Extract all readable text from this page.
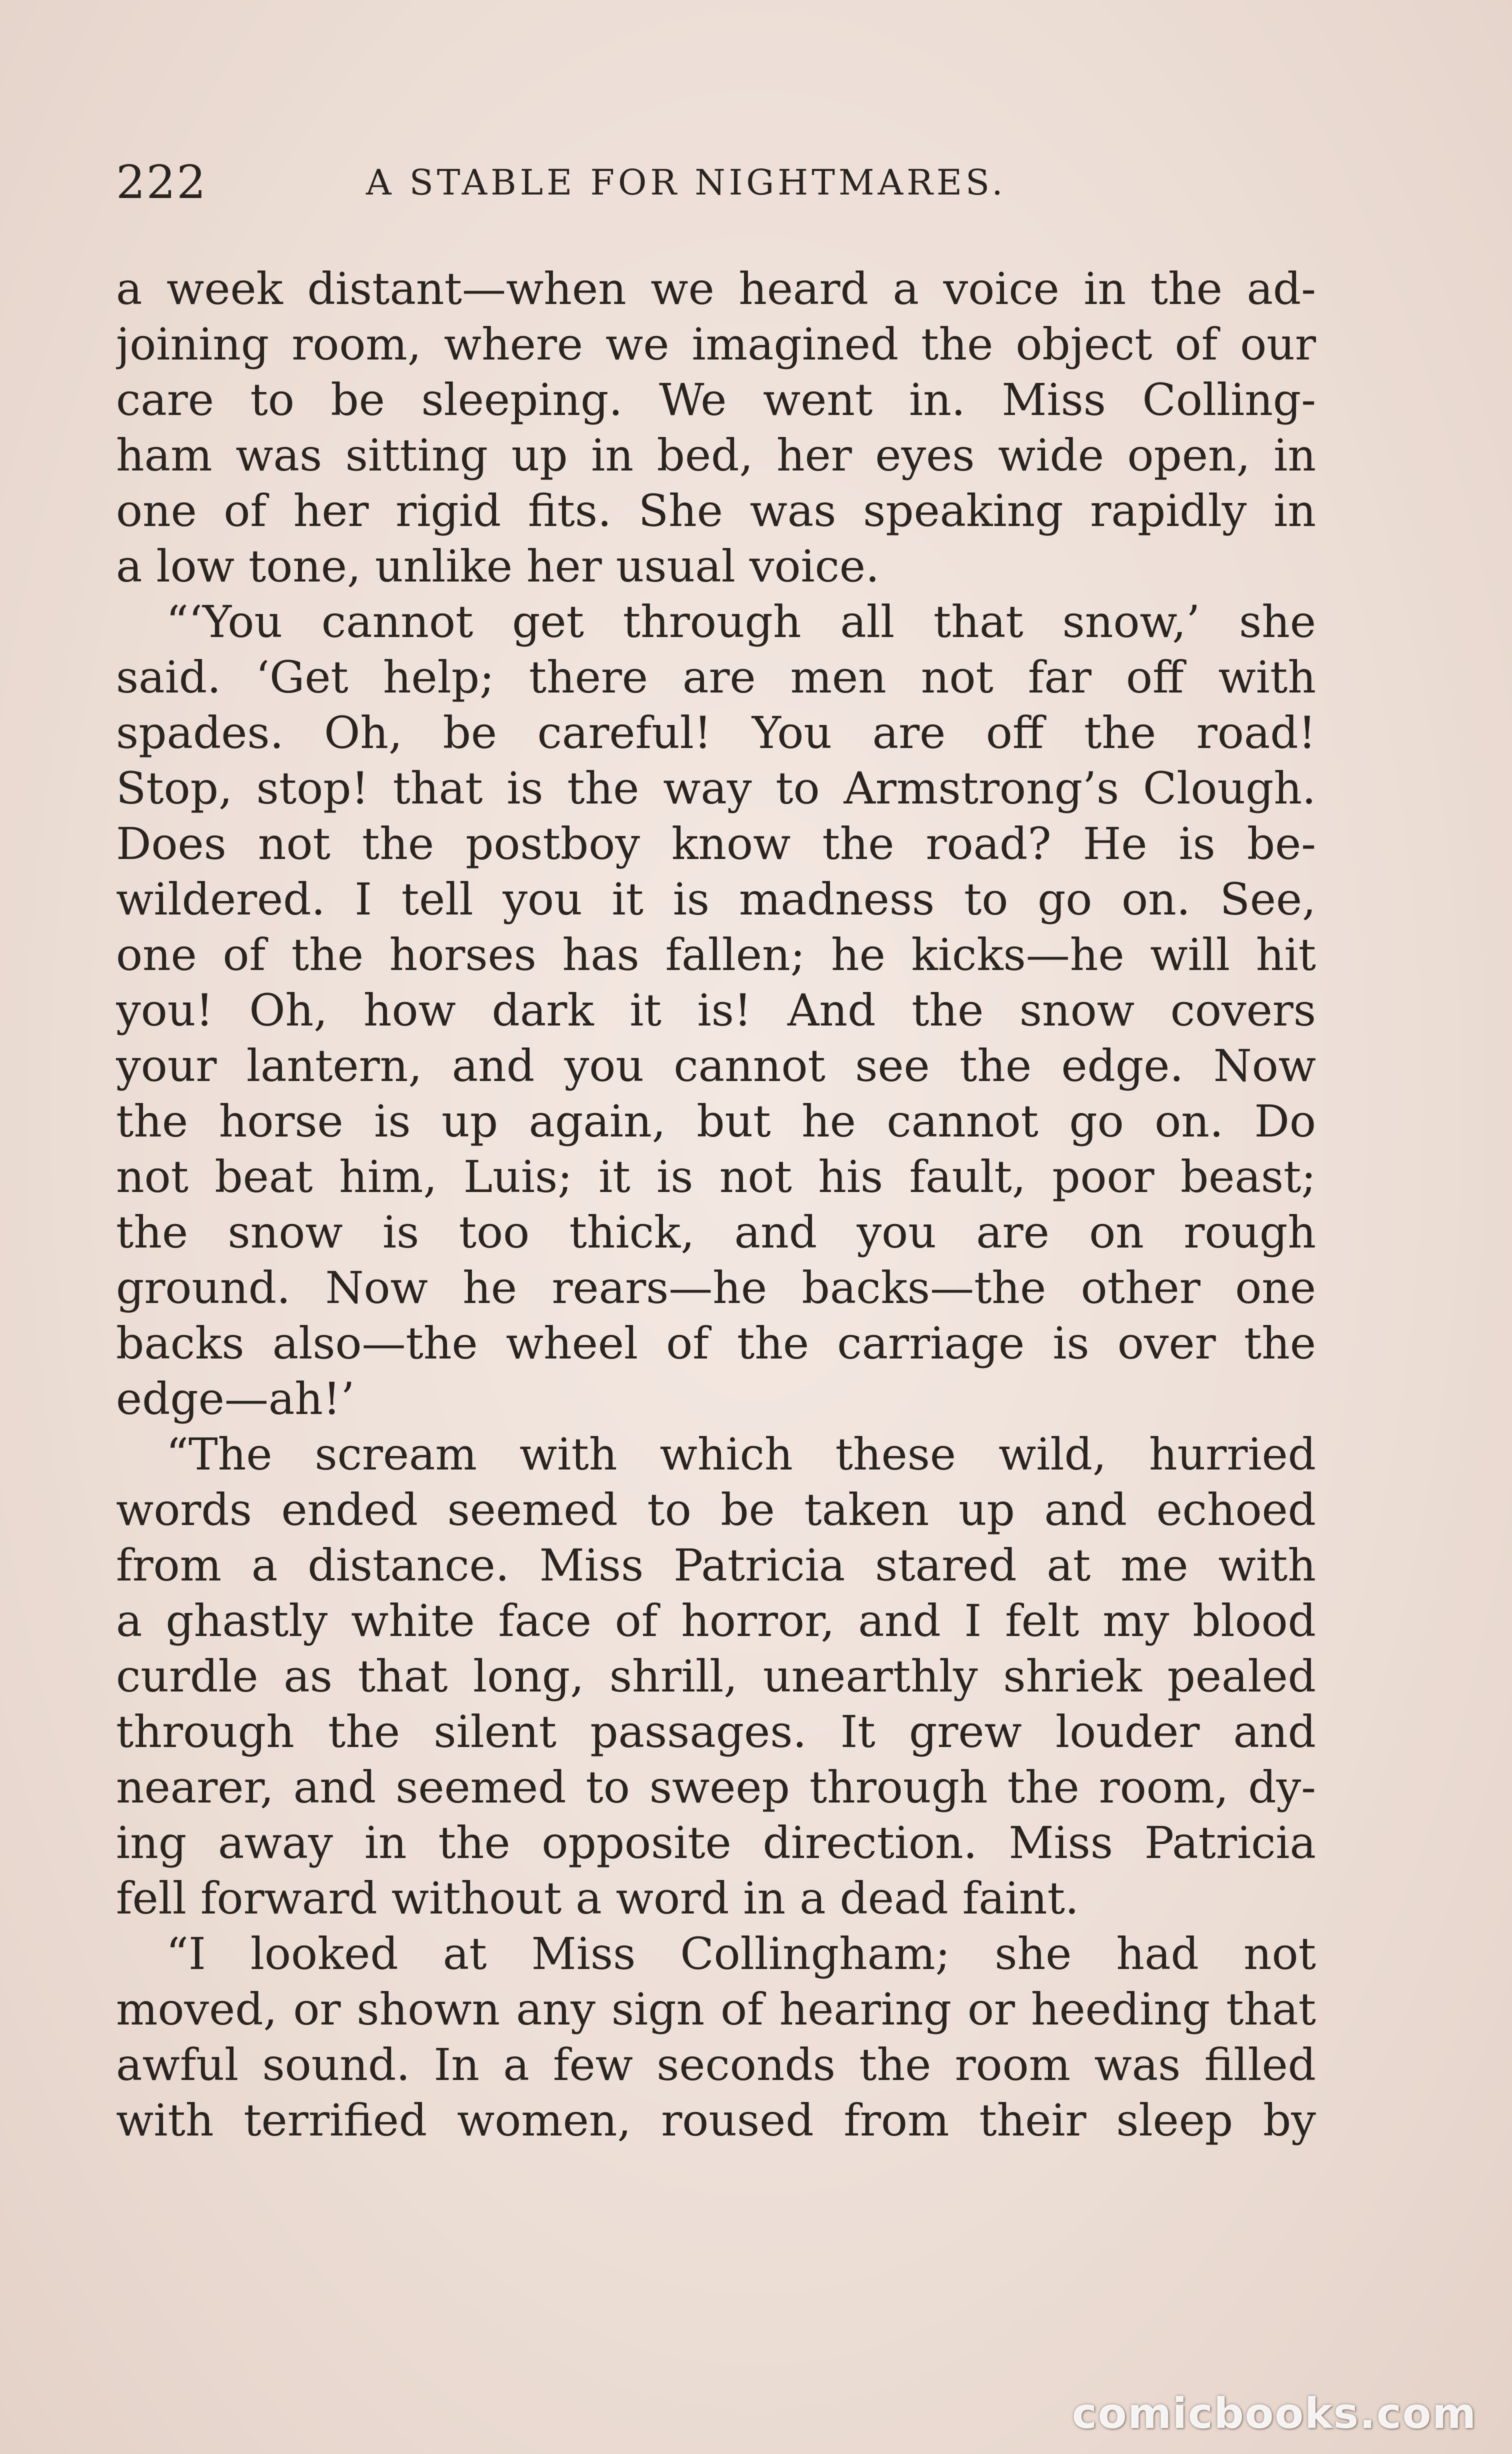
222	A STABLE FOR NIGHTMARES.
a week distant—when we heard a voice in the ad-
joining room, where we imagined the object of our
care to be sleeping. We went in. Miss Colling-
ham was sitting up in bed, her eyes wide open, in
one of her rigid fits. She was speaking rapidly in
a low tone, unlike her usual voice.
“‘You cannot get through all that snow,’ she
said. ‘Get help; there are men not far off with
spades. Oh, be careful! You are off the road!
Stop, stop! that is the way to Armstrong’s Clough.
Does not the postboy know the road? He is be-
wildered. I tell you it is madness to go on. See,
one of the horses has fallen; he kicks—he will hit
you! Oh, how dark it is! And the snow covers
your lantern, and you cannot see the edge. Now
the horse is up again, but he cannot go on. Do
not beat him, Luis; it is not his fault, poor beast;
the snow is too thick, and you are on rough
ground. Now he rears—he backs—the other one
backs also—the wheel of the carriage is over the
edge—ah!’
“The scream with which these wild, hurried
words ended seemed to be taken up and echoed
from a distance. Miss Patricia stared at me with
a ghastly white face of horror, and I felt my blood
curdle as that long, shrill, unearthly shriek pealed
through the silent passages. It grew louder and
nearer, and seemed to sweep through the room, dy-
ing away in the opposite direction. Miss Patricia
fell forward without a word in a dead faint.
“I looked at Miss Collingham; she had not
moved, or shown any sign of hearing or heeding that
awful sound. In a few seconds the room was filled
with terrified women, roused from their sleep by
comicbooks.com
